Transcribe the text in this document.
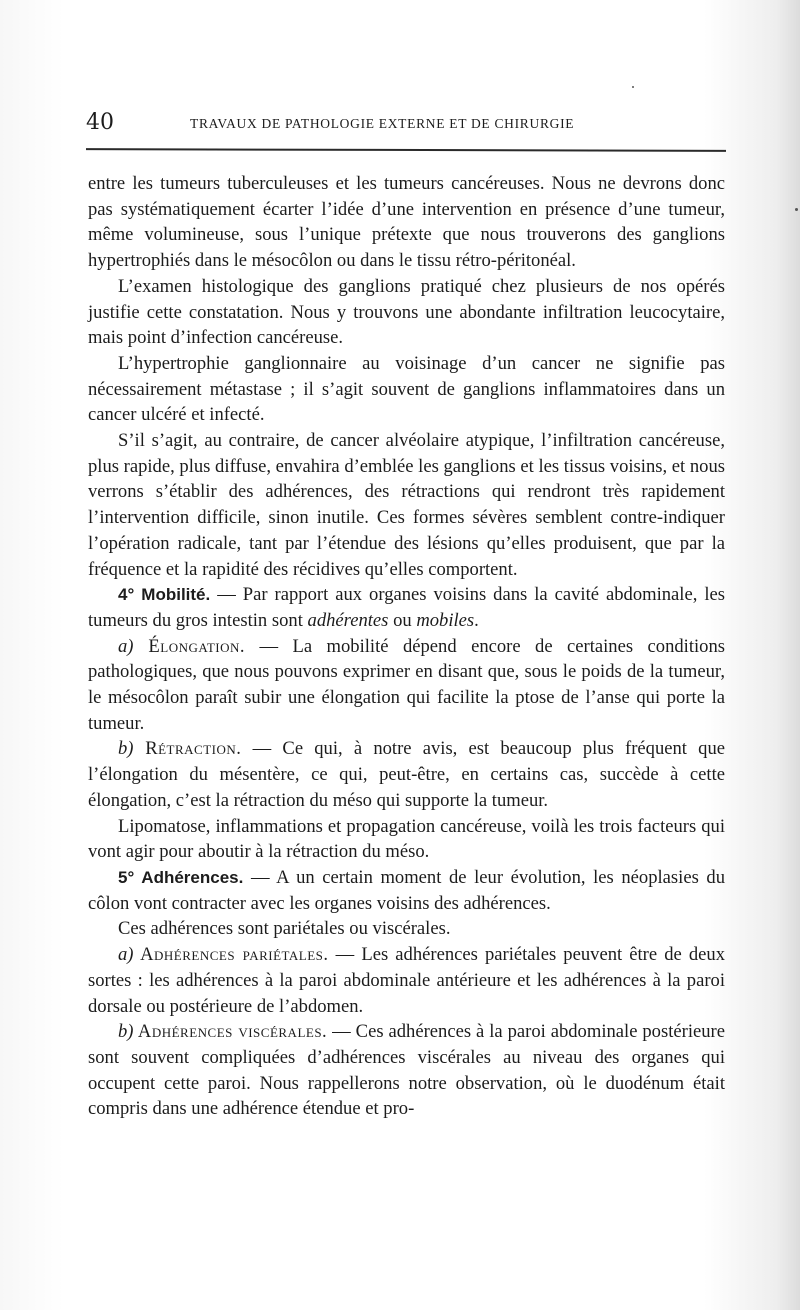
40	TRAVAUX DE PATHOLOGIE EXTERNE ET DE CHIRURGIE

entre les tumeurs tuberculeuses et les tumeurs cancéreuses. Nous ne devrons donc pas systématiquement écarter l’idée d’une intervention en présence d’une tumeur, même volumineuse, sous l’unique prétexte que nous trouverons des ganglions hypertrophiés dans le mésocôlon ou dans le tissu rétro-péritonéal.

L’examen histologique des ganglions pratiqué chez plusieurs de nos opérés justifie cette constatation. Nous y trouvons une abondante infiltration leucocytaire, mais point d’infection cancéreuse.

L’hypertrophie ganglionnaire au voisinage d’un cancer ne signifie pas nécessairement métastase ; il s’agit souvent de ganglions inflammatoires dans un cancer ulcéré et infecté.

S’il s’agit, au contraire, de cancer alvéolaire atypique, l’infiltration cancéreuse, plus rapide, plus diffuse, envahira d’emblée les ganglions et les tissus voisins, et nous verrons s’établir des adhérences, des rétractions qui rendront très rapidement l’intervention difficile, sinon inutile. Ces formes sévères semblent contre-indiquer l’opération radicale, tant par l’étendue des lésions qu’elles produisent, que par la fréquence et la rapidité des récidives qu’elles comportent.

4° Mobilité. — Par rapport aux organes voisins dans la cavité abdominale, les tumeurs du gros intestin sont adhérentes ou mobiles.

a) Élongation. — La mobilité dépend encore de certaines conditions pathologiques, que nous pouvons exprimer en disant que, sous le poids de la tumeur, le mésocôlon paraît subir une élongation qui facilite la ptose de l’anse qui porte la tumeur.

b) Rétraction. — Ce qui, à notre avis, est beaucoup plus fréquent que l’élongation du mésentère, ce qui, peut-être, en certains cas, succède à cette élongation, c’est la rétraction du méso qui supporte la tumeur.

Lipomatose, inflammations et propagation cancéreuse, voilà les trois facteurs qui vont agir pour aboutir à la rétraction du méso.

5° Adhérences. — A un certain moment de leur évolution, les néoplasies du côlon vont contracter avec les organes voisins des adhérences.

Ces adhérences sont pariétales ou viscérales.

a) Adhérences pariétales. — Les adhérences pariétales peuvent être de deux sortes : les adhérences à la paroi abdominale antérieure et les adhérences à la paroi dorsale ou postérieure de l’abdomen.

b) Adhérences viscérales. — Ces adhérences à la paroi abdominale postérieure sont souvent compliquées d’adhérences viscérales au niveau des organes qui occupent cette paroi. Nous rappellerons notre observation, où le duodénum était compris dans une adhérence étendue et pro-
